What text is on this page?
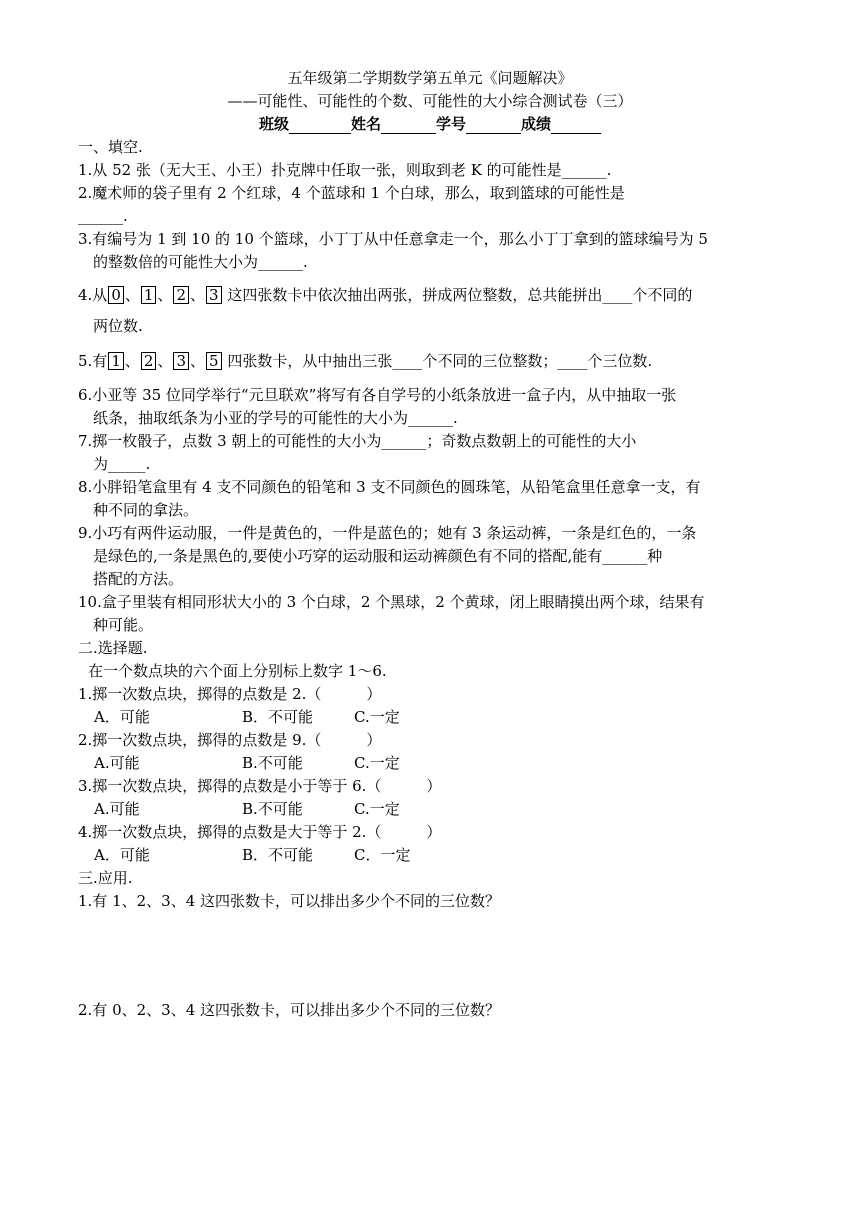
五年级第二学期数学第五单元《问题解决》
——可能性、可能性的个数、可能性的大小综合测试卷（三）
班级	姓名	学号	成绩
一、填空.
1.从 52 张（无大王、小王）扑克牌中任取一张，则取到老 K 的可能性是______.
2.魔术师的袋子里有 2 个红球，4 个蓝球和 1 个白球，那么，取到篮球的可能性是
______.
3.有编号为 1 到 10 的 10 个篮球，小丁丁从中任意拿走一个，那么小丁丁拿到的篮球编号为 5
的整数倍的可能性大小为______.
4.从 0 、 1 、 2 、 3 这四张数卡中依次抽出两张，拼成两位整数，总共能拼出____个不同的
两位数.
5.有 1 、 2 、 3 、 5 四张数卡，从中抽出三张____个不同的三位整数；____个三位数.
6.小亚等 35 位同学举行“元旦联欢”将写有各自学号的小纸条放进一盒子内，从中抽取一张
纸条，抽取纸条为小亚的学号的可能性的大小为______.
7.掷一枚骰子，点数 3 朝上的可能性的大小为______；奇数点数朝上的可能性的大小
为_____.
8.小胖铅笔盒里有 4 支不同颜色的铅笔和 3 支不同颜色的圆珠笔，从铅笔盒里任意拿一支，有
种不同的拿法。
9.小巧有两件运动服，一件是黄色的，一件是蓝色的；她有 3 条运动裤，一条是红色的，一条
是绿色的,一条是黑色的,要使小巧穿的运动服和运动裤颜色有不同的搭配,能有______种
搭配的方法。
10.盒子里装有相同形状大小的 3 个白球，2 个黑球，2 个黄球，闭上眼睛摸出两个球，结果有
种可能。
二.选择题.
在一个数点块的六个面上分别标上数字 1～6.
1.掷一次数点块，掷得的点数是 2.（　　　）
A．可能	B．不可能	C.一定
2.掷一次数点块，掷得的点数是 9.（　　　）
A.可能	B.不可能	C.一定
3.掷一次数点块，掷得的点数是小于等于 6.（　　　）
A.可能	B.不可能	C.一定
4.掷一次数点块，掷得的点数是大于等于 2.（　　　）
A．可能	B．不可能	C．一定
三.应用.
1.有 1、2、3、4 这四张数卡，可以排出多少个不同的三位数？
2.有 0、2、3、4 这四张数卡，可以排出多少个不同的三位数？
